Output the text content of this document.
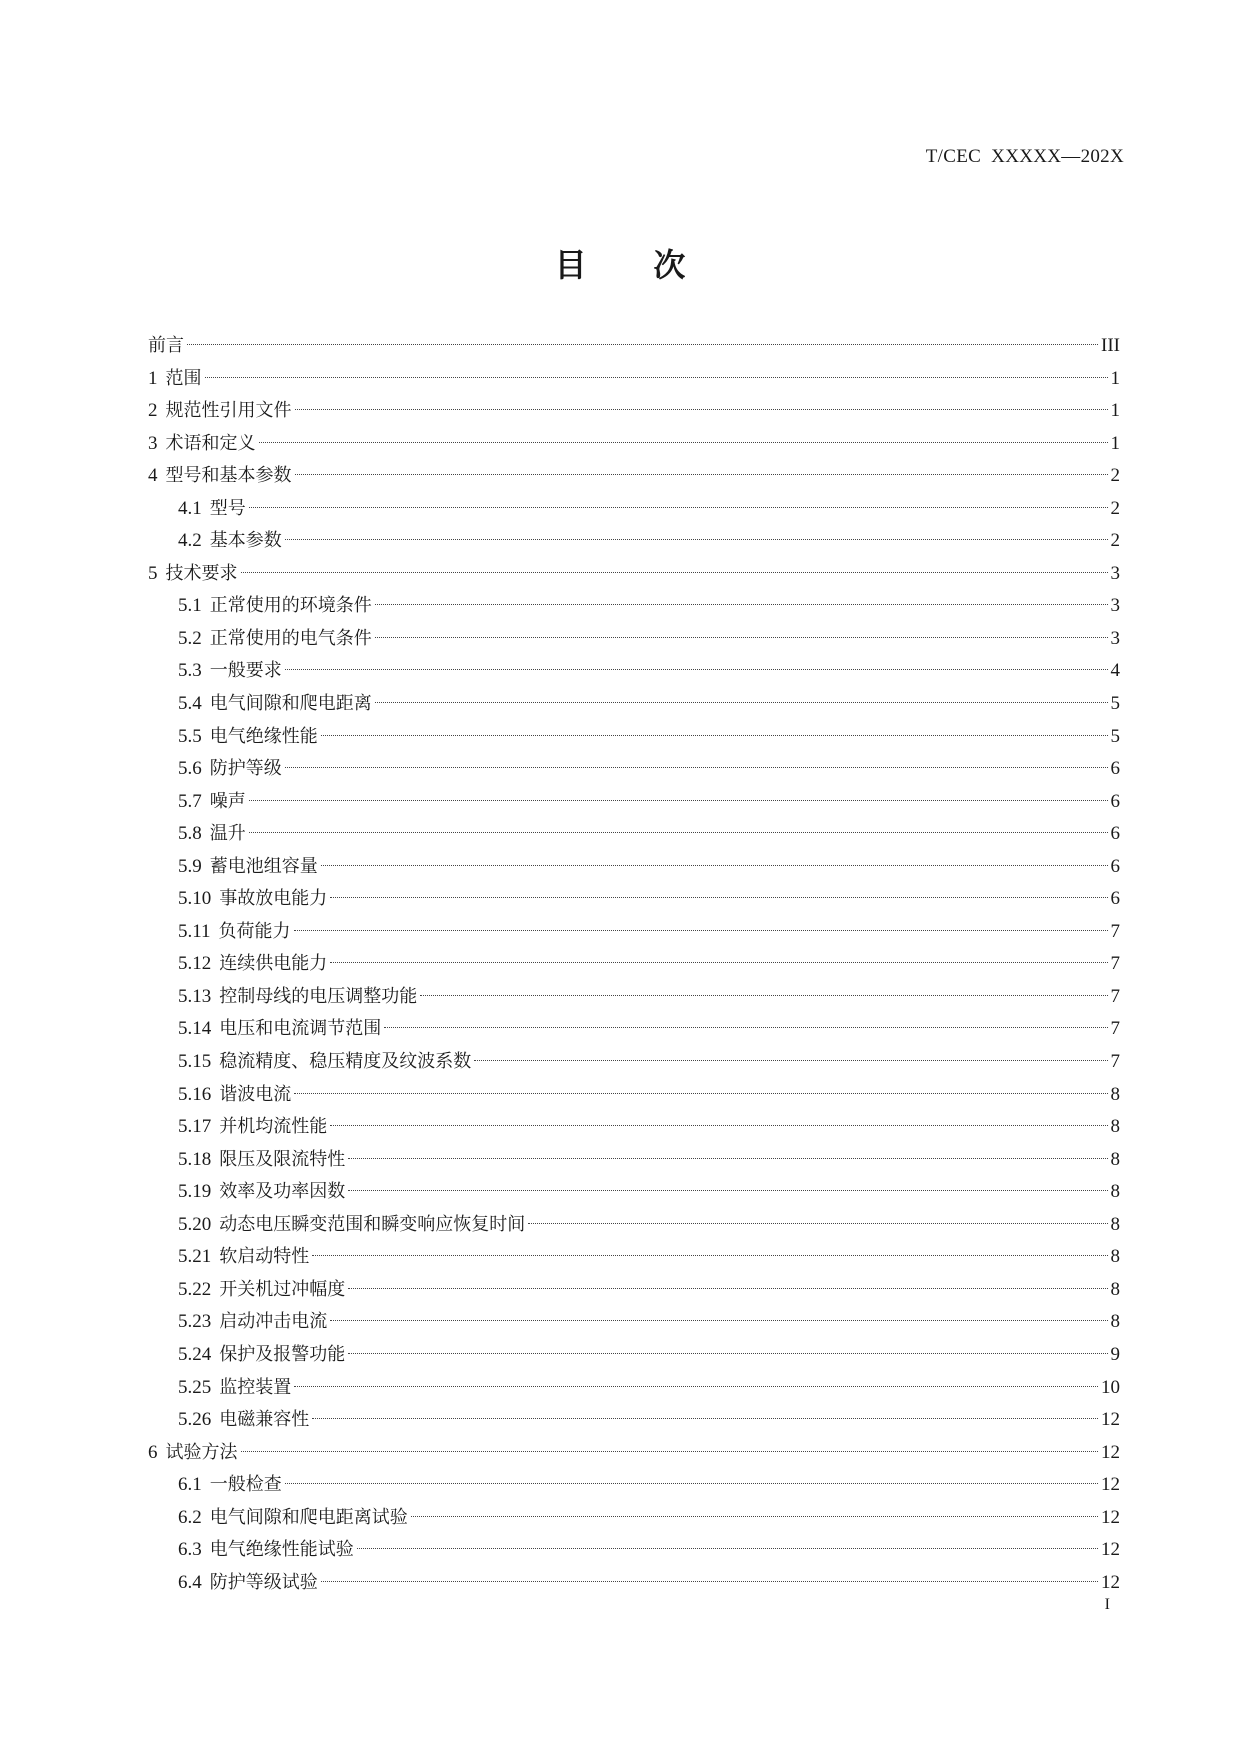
T/CEC  XXXXX—202X
目      次
前言	III
1 范围	1
2 规范性引用文件	1
3 术语和定义	1
4 型号和基本参数	2
4.1 型号	2
4.2 基本参数	2
5 技术要求	3
5.1 正常使用的环境条件	3
5.2 正常使用的电气条件	3
5.3 一般要求	4
5.4 电气间隙和爬电距离	5
5.5 电气绝缘性能	5
5.6 防护等级	6
5.7 噪声	6
5.8 温升	6
5.9 蓄电池组容量	6
5.10 事故放电能力	6
5.11 负荷能力	7
5.12 连续供电能力	7
5.13 控制母线的电压调整功能	7
5.14 电压和电流调节范围	7
5.15 稳流精度、稳压精度及纹波系数	7
5.16 谐波电流	8
5.17 并机均流性能	8
5.18 限压及限流特性	8
5.19 效率及功率因数	8
5.20 动态电压瞬变范围和瞬变响应恢复时间	8
5.21 软启动特性	8
5.22 开关机过冲幅度	8
5.23 启动冲击电流	8
5.24 保护及报警功能	9
5.25 监控装置	10
5.26 电磁兼容性	12
6 试验方法	12
6.1 一般检查	12
6.2 电气间隙和爬电距离试验	12
6.3 电气绝缘性能试验	12
6.4 防护等级试验	12
I
